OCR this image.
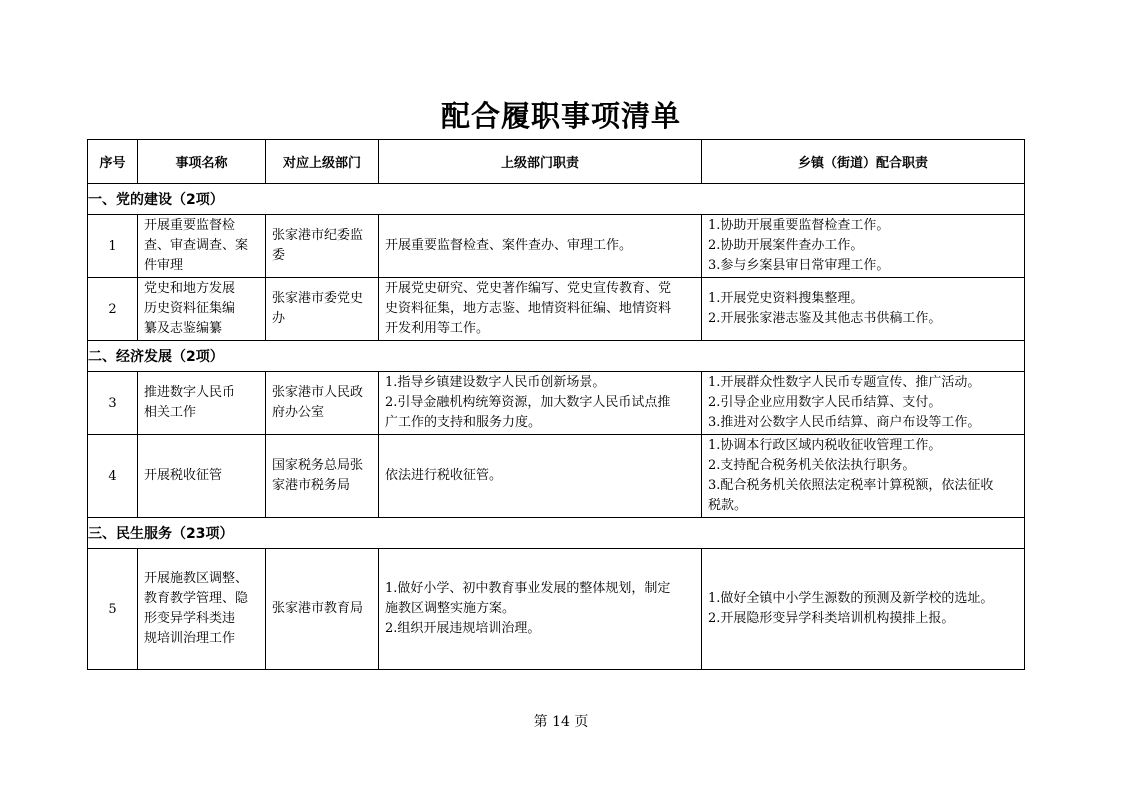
配合履职事项清单
序号	事项名称	对应上级部门	上级部门职责	乡镇（街道）配合职责
一、党的建设（2项）				
1	开展重要监督检
查、审查调查、案
件审理	张家港市纪委监
委	开展重要监督检查、案件查办、审理工作。	1.协助开展重要监督检查工作。
2.协助开展案件查办工作。
3.参与乡案县审日常审理工作。

2	党史和地方发展
历史资料征集编
纂及志鉴编纂	张家港市委党史
办	开展党史研究、党史著作编写、党史宣传教育、党
史资料征集，地方志鉴、地情资料征编、地情资料
开发利用等工作。	1.开展党史资料搜集整理。
2.开展张家港志鉴及其他志书供稿工作。

二、经济发展（2项）				
3	推进数字人民币
相关工作	张家港市人民政
府办公室	1.指导乡镇建设数字人民币创新场景。
2.引导金融机构统筹资源，加大数字人民币试点推
广工作的支持和服务力度。	1.开展群众性数字人民币专题宣传、推广活动。
2.引导企业应用数字人民币结算、支付。
3.推进对公数字人民币结算、商户布设等工作。

4	开展税收征管	国家税务总局张
家港市税务局	依法进行税收征管。	1.协调本行政区域内税收征收管理工作。
2.支持配合税务机关依法执行职务。
3.配合税务机关依照法定税率计算税额，依法征收
税款。

三、民生服务（23项）				
5	开展施教区调整、
教育教学管理、隐
形变异学科类违
规培训治理工作	张家港市教育局	1.做好小学、初中教育事业发展的整体规划，制定
施教区调整实施方案。
2.组织开展违规培训治理。	1.做好全镇中小学生源数的预测及新学校的选址。
2.开展隐形变异学科类培训机构摸排上报。
第 14 页
